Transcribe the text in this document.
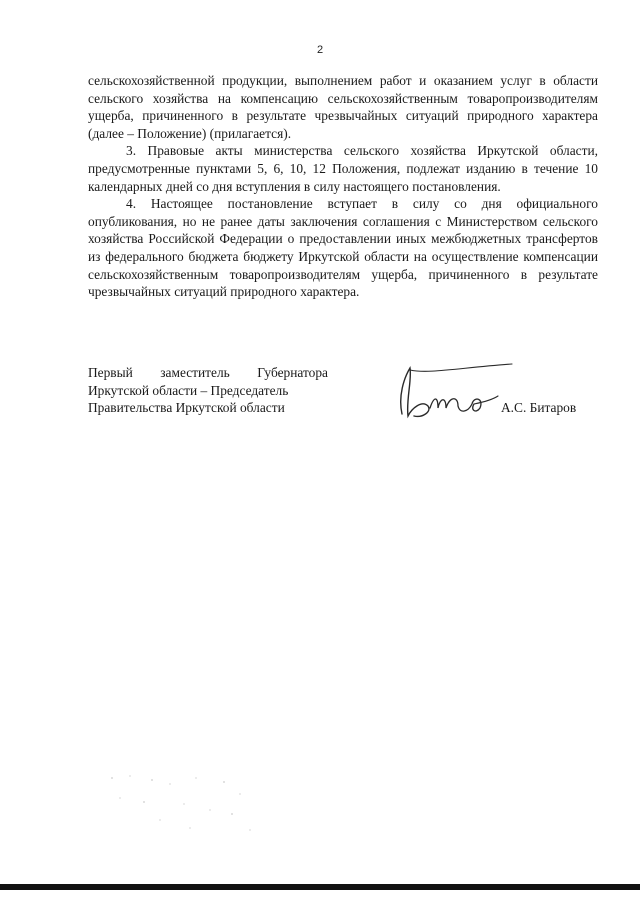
2

сельскохозяйственной продукции, выполнением работ и оказанием услуг в области сельского хозяйства на компенсацию сельскохозяйственным товаропроизводителям ущерба, причиненного в результате чрезвычайных ситуаций природного характера (далее – Положение) (прилагается).

3. Правовые акты министерства сельского хозяйства Иркутской области, предусмотренные пунктами 5, 6, 10, 12 Положения, подлежат изданию в течение 10 календарных дней со дня вступления в силу настоящего постановления.

4. Настоящее постановление вступает в силу со дня официального опубликования, но не ранее даты заключения соглашения с Министерством сельского хозяйства Российской Федерации о предоставлении иных межбюджетных трансфертов из федерального бюджета бюджету Иркутской области на осуществление компенсации сельскохозяйственным товаропроизводителям ущерба, причиненного в результате чрезвычайных ситуаций природного характера.

Первый заместитель Губернатора
Иркутской области – Председатель
Правительства Иркутской области	А.С. Битаров
